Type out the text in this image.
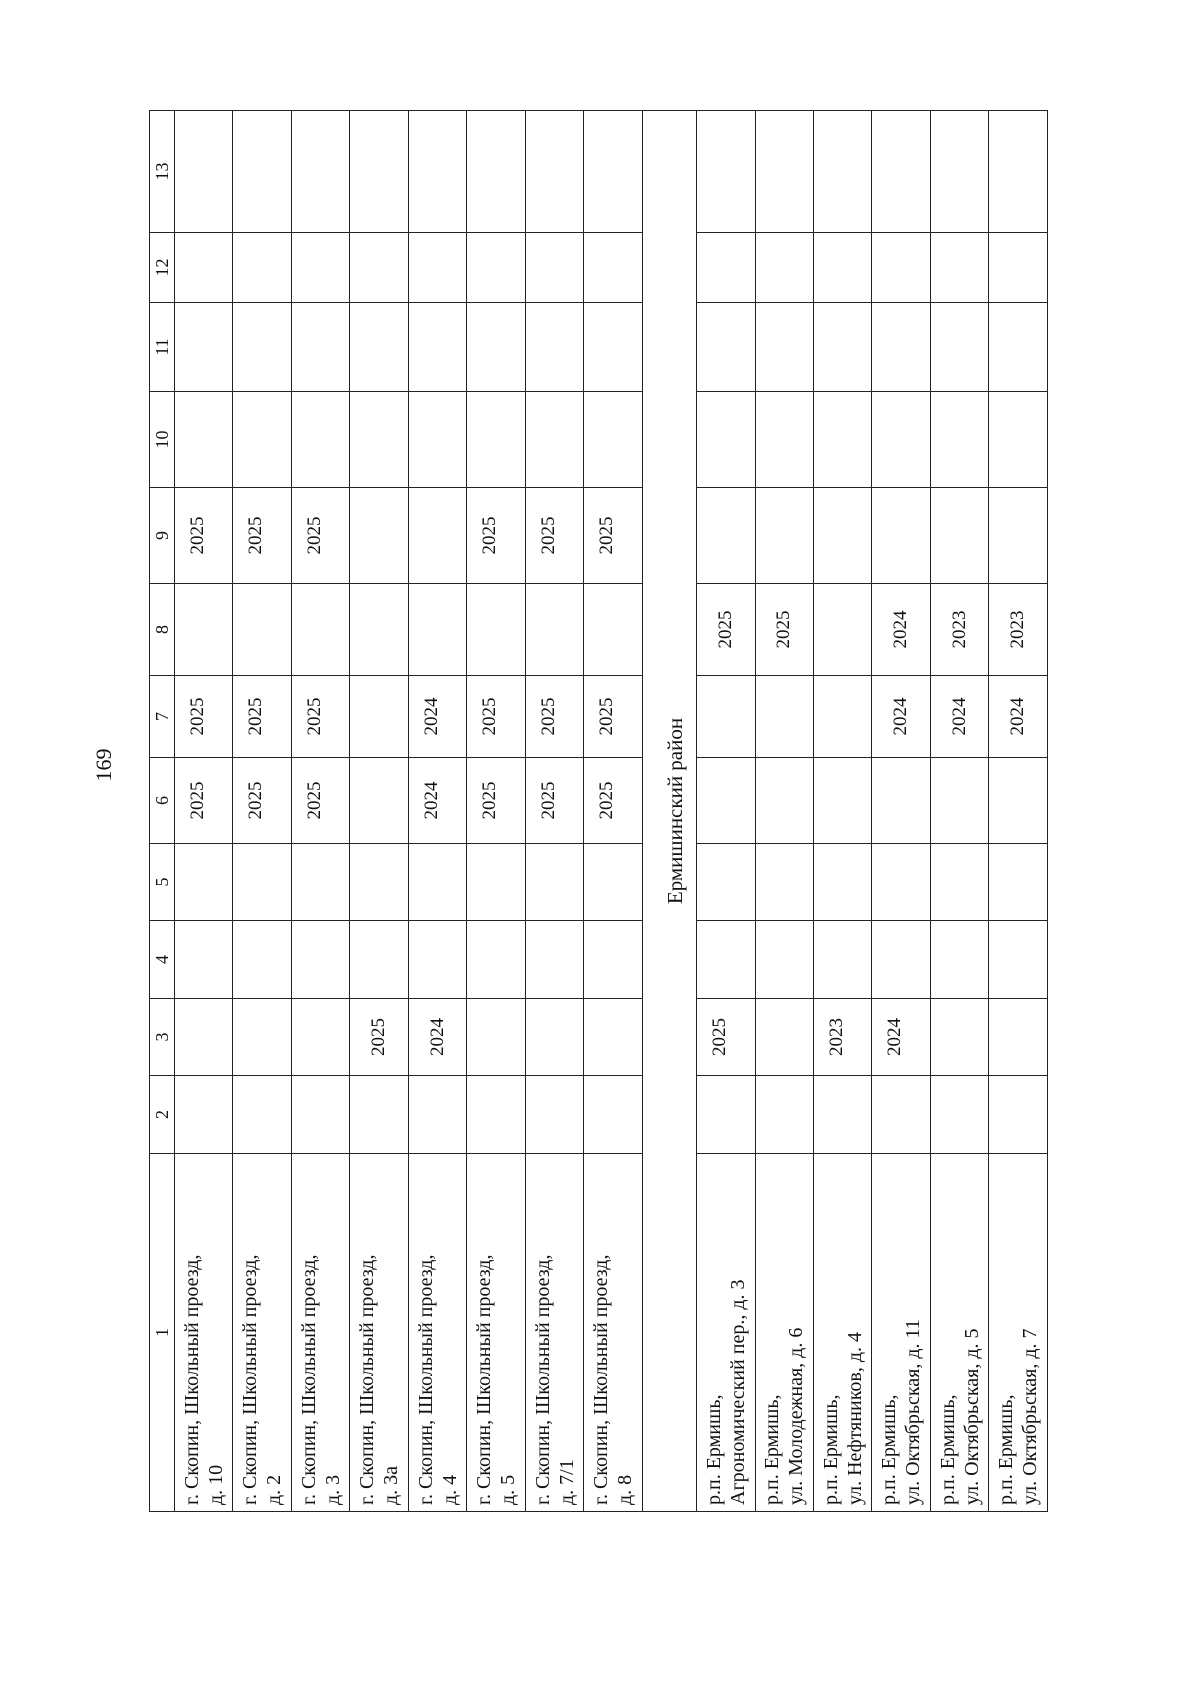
169
1	2	3	4	5	6	7	8	9	10	11	12	13

г. Скопин, Школьный проезд, д. 10					2025	2025		2025				

г. Скопин, Школьный проезд, д. 2					2025	2025		2025				

г. Скопин, Школьный проезд, д. 3					2025	2025		2025				

г. Скопин, Школьный проезд, д. 3а		2025										

г. Скопин, Школьный проезд, д. 4		2024			2024	2024						

г. Скопин, Школьный проезд, д. 5					2025	2025		2025				

г. Скопин, Школьный проезд, д. 7/1					2025	2025		2025				

г. Скопин, Школьный проезд, д. 8					2025	2025		2025				
Ермишинский район												

р.п. Ермишь, Агрономический пер., д. 3		2025					2025					

р.п. Ермишь, ул. Молодежная, д. 6							2025					

р.п. Ермишь, ул. Нефтяников, д. 4		2023										

р.п. Ермишь, ул. Октябрьская, д. 11		2024				2024	2024					

р.п. Ермишь, ул. Октябрьская, д. 5						2024	2023					

р.п. Ермишь, ул. Октябрьская, д. 7						2024	2023					
